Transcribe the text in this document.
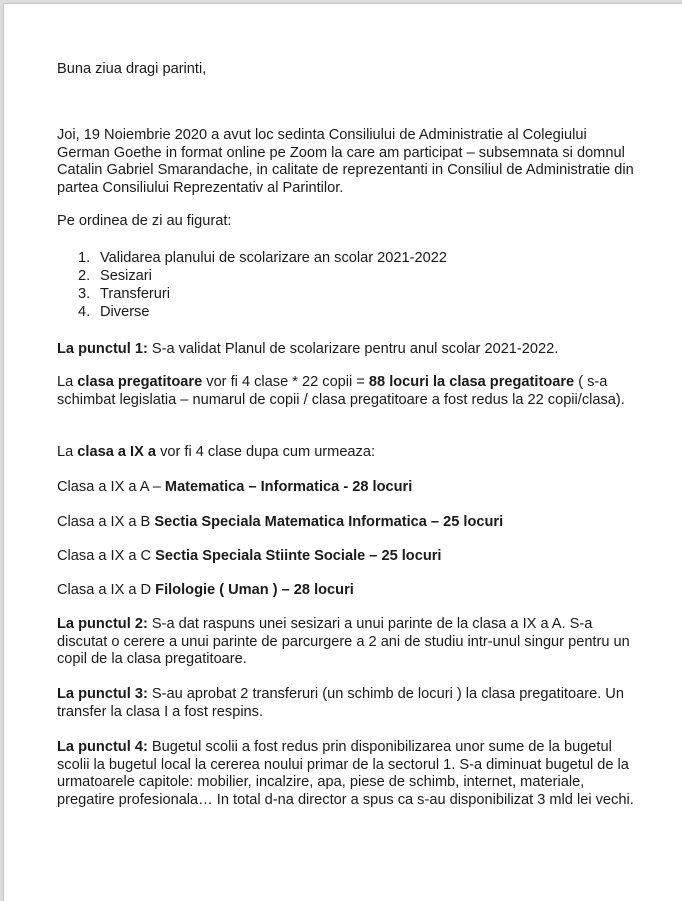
Buna ziua dragi parinti,

Joi, 19 Noiembrie 2020 a avut loc sedinta Consiliului de Administratie al Colegiului German Goethe in format online pe Zoom la care am participat – subsemnata si domnul Catalin Gabriel Smarandache, in calitate de reprezentanti in Consiliul de Administratie din partea Consiliului Reprezentativ al Parintilor.

Pe ordinea de zi au figurat:

1. Validarea planului de scolarizare an scolar 2021-2022

2. Sesizari

3. Transferuri

4. Diverse

La punctul 1: S-a validat Planul de scolarizare pentru anul scolar 2021-2022.

La clasa pregatitoare vor fi 4 clase * 22 copii = 88 locuri la clasa pregatitoare ( s-a schimbat legislatia – numarul de copii / clasa pregatitoare a fost redus la 22 copii/clasa).

La clasa a IX a vor fi 4 clase dupa cum urmeaza:

Clasa a IX a A – Matematica – Informatica - 28 locuri

Clasa a IX a B Sectia Speciala Matematica Informatica – 25 locuri

Clasa a IX a C Sectia Speciala Stiinte Sociale – 25 locuri

Clasa a IX a D Filologie ( Uman ) – 28 locuri

La punctul 2: S-a dat raspuns unei sesizari a unui parinte de la clasa a IX a A. S-a discutat o cerere a unui parinte de parcurgere a 2 ani de studiu intr-unul singur pentru un copil de la clasa pregatitoare.

La punctul 3: S-au aprobat 2 transferuri (un schimb de locuri ) la clasa pregatitoare. Un transfer la clasa I a fost respins.

La punctul 4: Bugetul scolii a fost redus prin disponibilizarea unor sume de la bugetul scolii la bugetul local la cererea noului primar de la sectorul 1. S-a diminuat bugetul de la urmatoarele capitole: mobilier, incalzire, apa, piese de schimb, internet, materiale, pregatire profesionala… In total d-na director a spus ca s-au disponibilizat 3 mld lei vechi.
